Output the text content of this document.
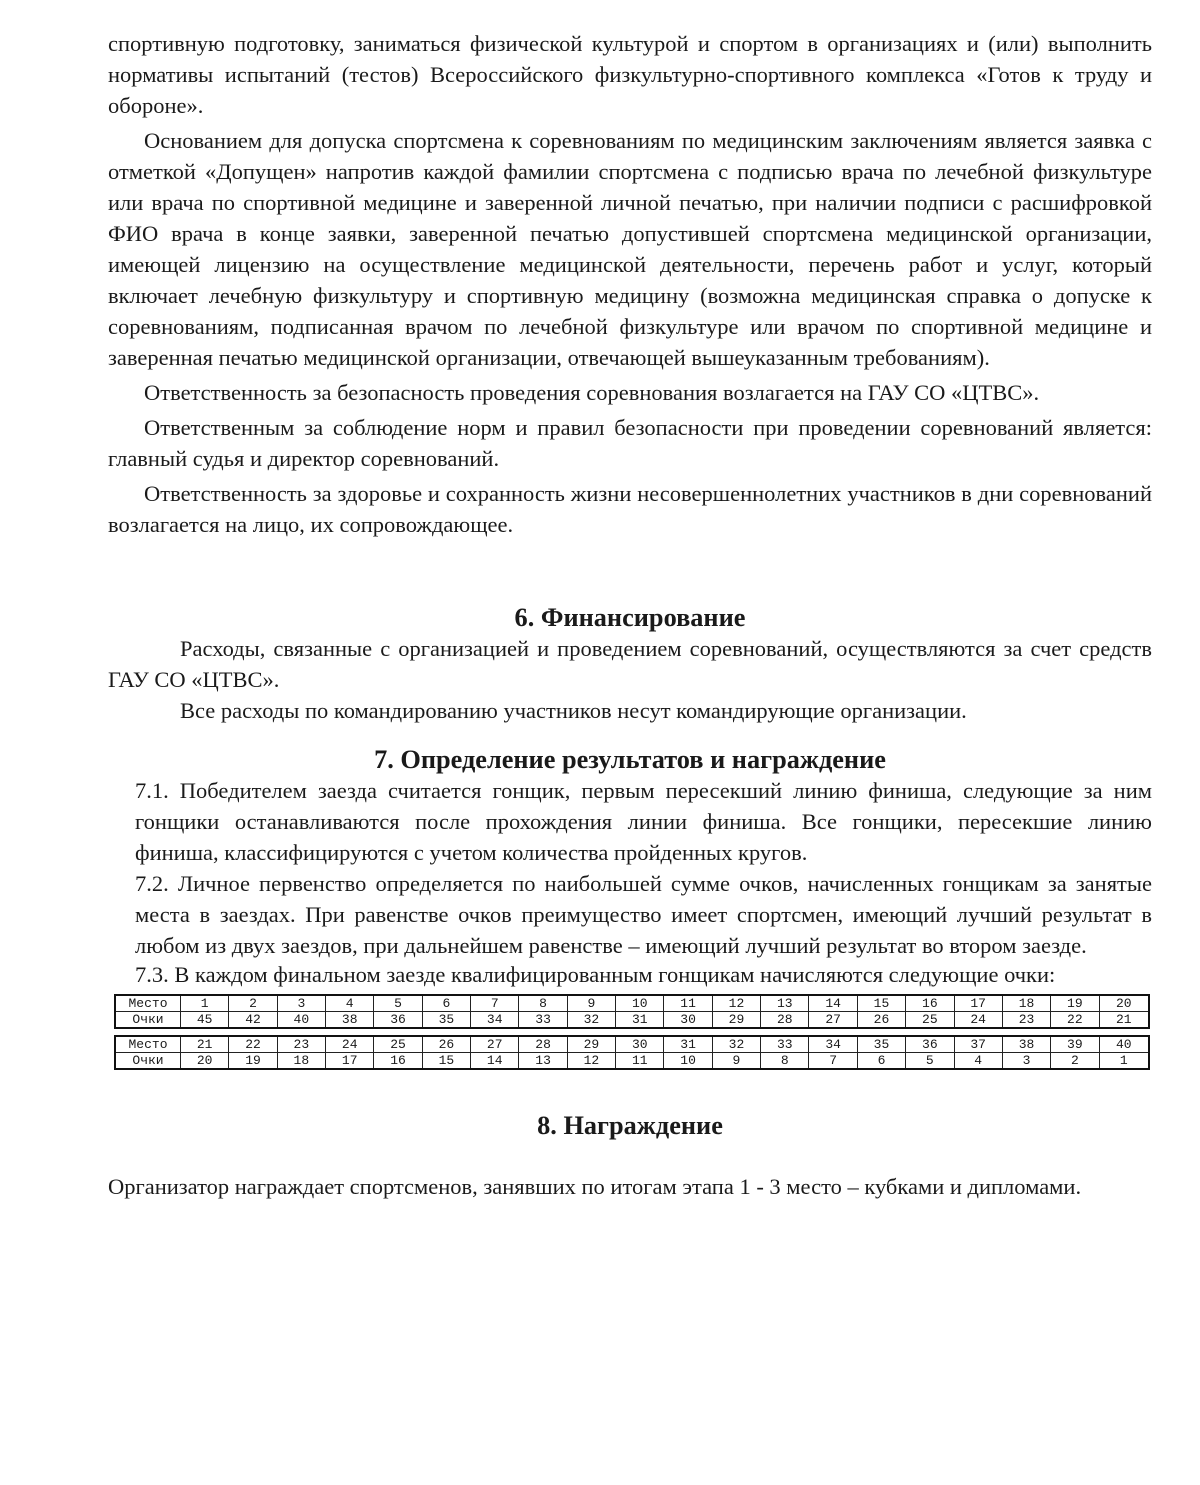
спортивную подготовку, заниматься физической культурой и спортом в организациях и (или) выполнить нормативы испытаний (тестов) Всероссийского физкультурно-спортивного комплекса «Готов к труду и обороне».

Основанием для допуска спортсмена к соревнованиям по медицинским заключениям является заявка с отметкой «Допущен» напротив каждой фамилии спортсмена с подписью врача по лечебной физкультуре или врача по спортивной медицине и заверенной личной печатью, при наличии подписи с расшифровкой ФИО врача в конце заявки, заверенной печатью допустившей спортсмена медицинской организации, имеющей лицензию на осуществление медицинской деятельности, перечень работ и услуг, который включает лечебную физкультуру и спортивную медицину (возможна медицинская справка о допуске к соревнованиям, подписанная врачом по лечебной физкультуре или врачом по спортивной медицине и заверенная печатью медицинской организации, отвечающей вышеуказанным требованиям).

Ответственность за безопасность проведения соревнования возлагается на ГАУ СО «ЦТВС».

Ответственным за соблюдение норм и правил безопасности при проведении соревнований является: главный судья и директор соревнований.

Ответственность за здоровье и сохранность жизни несовершеннолетних участников в дни соревнований возлагается на лицо, их сопровождающее.

6. Финансирование

Расходы, связанные с организацией и проведением соревнований, осуществляются за счет средств ГАУ СО «ЦТВС».

Все расходы по командированию участников несут командирующие организации.

7. Определение результатов и награждение

7.1. Победителем заезда считается гонщик, первым пересекший линию финиша, следующие за ним гонщики останавливаются после прохождения линии финиша. Все гонщики, пересекшие линию финиша, классифицируются с учетом количества пройденных кругов.

7.2. Личное первенство определяется по наибольшей сумме очков, начисленных гонщикам за занятые места в заездах. При равенстве очков преимущество имеет спортсмен, имеющий лучший результат в любом из двух заездов, при дальнейшем равенстве – имеющий лучший результат во втором заезде.

7.3. В каждом финальном заезде квалифицированным гонщикам начисляются следующие очки:

Место	1	2	3	4	5	6	7	8	9	10	11	12	13	14	15	16	17	18	19	20
Очки	45	42	40	38	36	35	34	33	32	31	30	29	28	27	26	25	24	23	22	21
Место	21	22	23	24	25	26	27	28	29	30	31	32	33	34	35	36	37	38	39	40
Очки	20	19	18	17	16	15	14	13	12	11	10	9	8	7	6	5	4	3	2	1
8. Награждение

Организатор награждает спортсменов, занявших по итогам этапа 1 - 3 место – кубками и дипломами.
